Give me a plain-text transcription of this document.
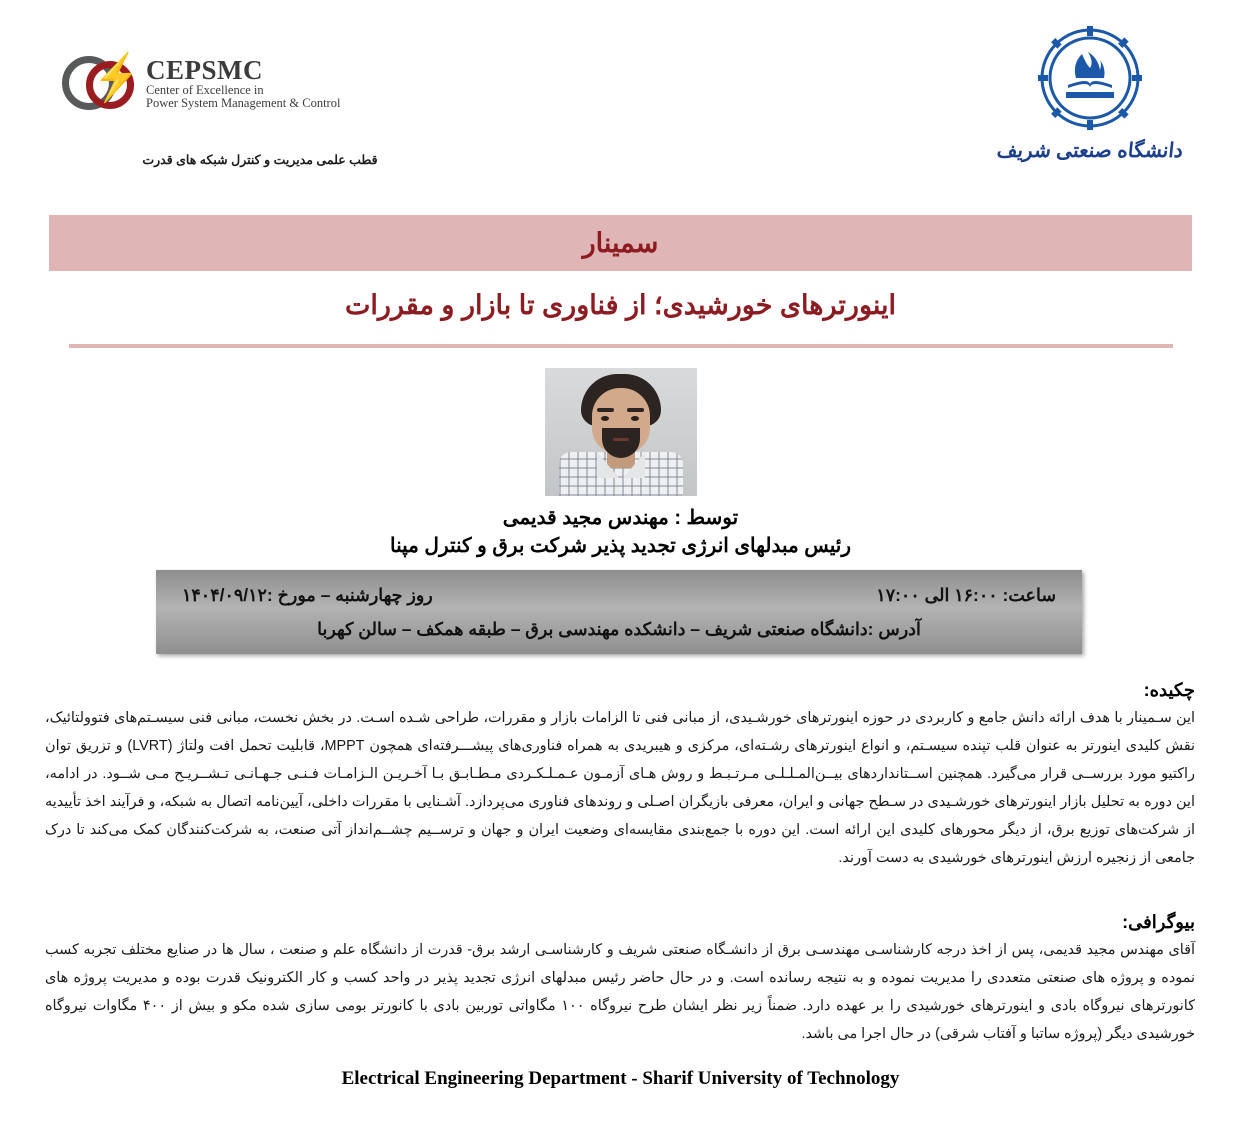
⚡ CEPSMC
Center of Excellence in
Power System Management & Control
قطب علمی مدیریت و کنترل شبکه های قدرت	دانشگاه صنعتی شریف
سمینار
اینورترهای خورشیدی؛ از فناوری تا بازار و مقررات
توسط : مهندس مجید قدیمی
رئیس مبدلهای انرژی تجدید پذیر شرکت برق و کنترل مپنا
ساعت: ۱۶:۰۰ الی ۱۷:۰۰
روز چهارشنبه – مورخ :۱۴۰۴/۰۹/۱۲
آدرس :دانشگاه صنعتی شریف – دانشکده مهندسی برق – طبقه همکف – سالن کهربا
چکیده:
این سـمینار با هدف ارائه دانش جامع و کاربردی در حوزه اینورترهای خورشـیدی، از مبانی فنی تا الزامات بازار و مقررات، طراحی شـده اسـت. در بخش نخست، مبانی فنی سیسـتم‌های فتوولتائیک، نقش کلیدی اینورتر به عنوان قلب تپنده سیسـتم، و انواع اینورترهای رشـته‌ای، مرکزی و هیبریدی به همراه فناوری‌های پیشـــرفته‌ای همچون MPPT، قابلیت تحمل افت ولتاژ (LVRT) و تزریق توان راکتیو مورد بررســی قرار می‌گیرد. همچنین اســتانداردهای بیــن‌المـلـلـی مـرتـبـط و روش هـای آزمـون عـمـلـکـردی مـطـابـق بـا آخـریـن الـزامـات فـنـی جـهـانـی تـشــریـح مـی شــود. در ادامه، این دوره به تحلیل بازار اینورترهای خورشـیدی در سـطح جهانی و ایران، معرفی بازیگران اصـلی و روندهای فناوری می‌پردازد. آشـنایی با مقررات داخلی، آیین‌نامه اتصال به شبکه، و فرآیند اخذ تأییدیه از شرکت‌های توزیع برق، از دیگر محورهای کلیدی این ارائه است. این دوره با جمع‌بندی مقایسه‌ای وضعیت ایران و جهان و ترســیم چشــم‌انداز آتی صنعت، به شرکت‌کنندگان کمک می‌کند تا درک جامعی از زنجیره ارزش اینورترهای خورشیدی به دست آورند.
بیوگرافی:
آقای مهندس مجید قدیمی، پس از اخذ درجه کارشناسـی مهندسـی برق از دانشـگاه صنعتی شریف و کارشناسـی ارشد برق- قدرت از دانشگاه علم و صنعت ، سال ها در صنایع مختلف تجربه کسب نموده و پروژه های صنعتی متعددی را مدیریت نموده و به نتیجه رسانده است. و در حال حاضر رئیس مبدلهای انرژی تجدید پذیر در واحد کسب و کار الکترونیک قدرت بوده و مدیریت پروژه های کانورترهای نیروگاه بادی و اینورترهای خورشیدی را بر عهده دارد. ضمناً زیر نظر ایشان طرح نیروگاه ۱۰۰ مگاواتی توربین بادی با کانورتر بومی سازی شده مکو و بیش از ۴۰۰ مگاوات نیروگاه خورشیدی دیگر (پروژه ساتبا و آفتاب شرقی) در حال اجرا می باشد.
Electrical Engineering Department - Sharif University of Technology
